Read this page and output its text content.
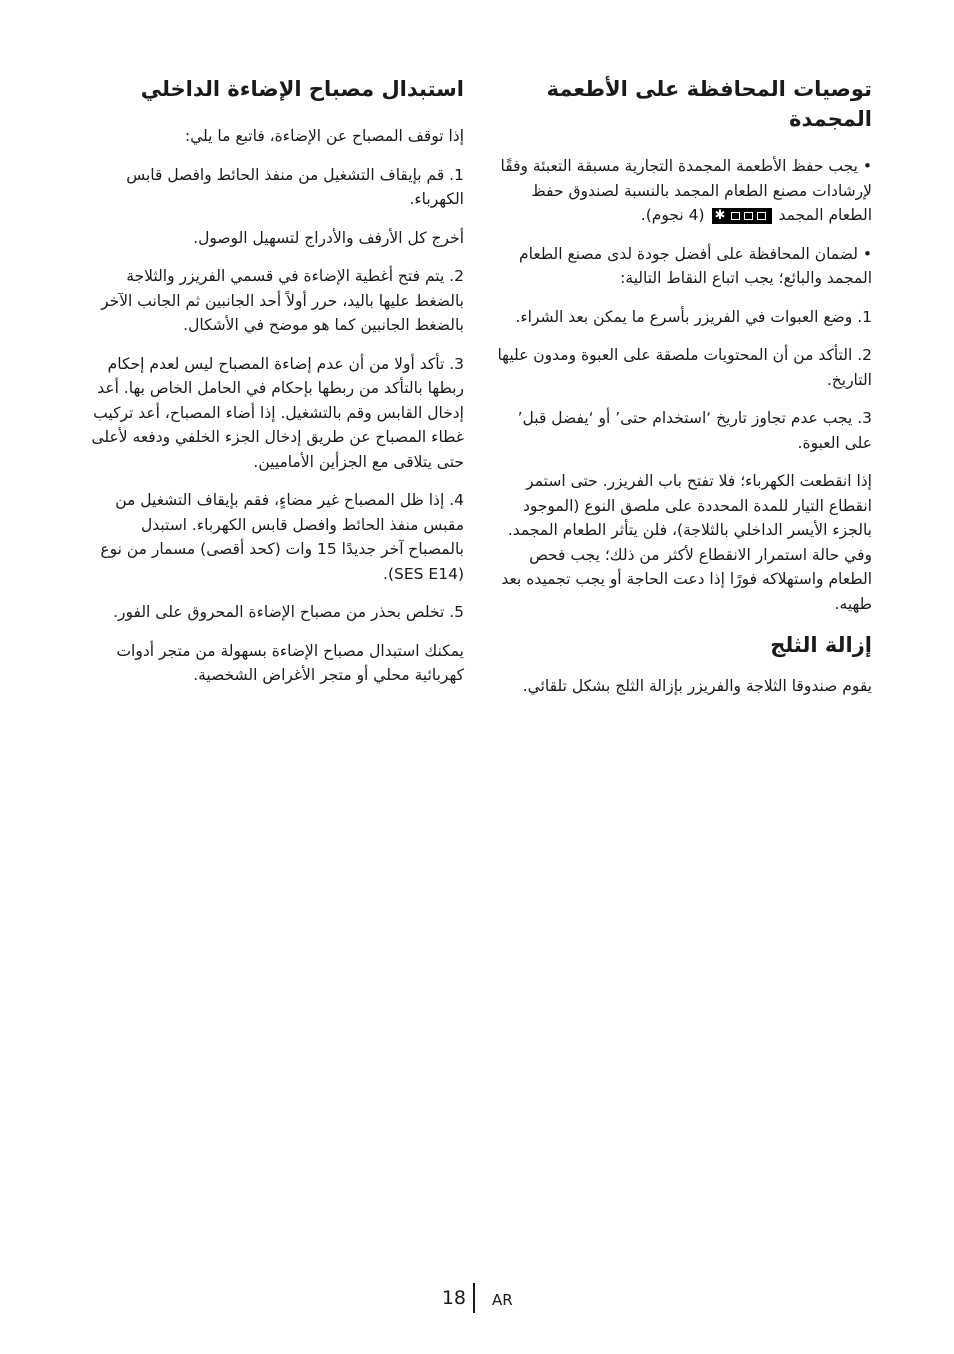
توصيات المحافظة على الأطعمة المجمدة

• يجب حفظ الأطعمة المجمدة التجارية مسبقة التعبئة وفقًا لإرشادات مصنع الطعام المجمد بالنسبة لصندوق حفظ الطعام المجمد
✱
(4 نجوم).

• لضمان المحافظة على أفضل جودة لدى مصنع الطعام المجمد والبائع؛ يجب اتباع النقاط التالية:

1. وضع العبوات في الفريزر بأسرع ما يمكن بعد الشراء.

2. التأكد من أن المحتويات ملصقة على العبوة ومدون عليها التاريخ.

3. يجب عدم تجاوز تاريخ ‘استخدام حتى’ أو ‘يفضل قبل’ على العبوة.

إذا انقطعت الكهرباء؛ فلا تفتح باب الفريزر. حتى استمر انقطاع التيار للمدة المحددة على ملصق النوع (الموجود بالجزء الأيسر الداخلي بالثلاجة)، فلن يتأثر الطعام المجمد. وفي حالة استمرار الانقطاع لأكثر من ذلك؛ يجب فحص الطعام واستهلاكه فورًا إذا دعت الحاجة أو يجب تجميده بعد طهيه.

إزالة الثلج

يقوم صندوقا الثلاجة والفريزر بإزالة الثلج بشكل تلقائي.

استبدال مصباح الإضاءة الداخلي

إذا توقف المصباح عن الإضاءة، فاتبع ما يلي:

1. قم بإيقاف التشغيل من منفذ الحائط وافصل قابس الكهرباء.

أخرج كل الأرفف والأدراج لتسهيل الوصول.

2. يتم فتح أغطية الإضاءة في قسمي الفريزر والثلاجة بالضغط عليها باليد، حرر أولاً أحد الجانبين ثم الجانب الآخر بالضغط الجانبين كما هو موضح في الأشكال.

3. تأكد أولا من أن عدم إضاءة المصباح ليس لعدم إحكام ربطها بالتأكد من ربطها بإحكام في الحامل الخاص بها. أعد إدخال القابس وقم بالتشغيل. إذا أضاء المصباح، أعد تركيب غطاء المصباح عن طريق إدخال الجزء الخلفي ودفعه لأعلى حتى يتلاقى مع الجزأين الأماميين.

4. إذا ظل المصباح غير مضاءٍ، فقم بإيقاف التشغيل من مقبس منفذ الحائط وافصل قابس الكهرباء. استبدل بالمصباح آخر جديدًا 15 وات (كحد أقصى) مسمار من نوع (SES E14).

5. تخلص بحذر من مصباح الإضاءة المحروق على الفور.

يمكنك استبدال مصباح الإضاءة بسهولة من متجر أدوات كهربائية محلي أو متجر الأغراض الشخصية.

18 AR
